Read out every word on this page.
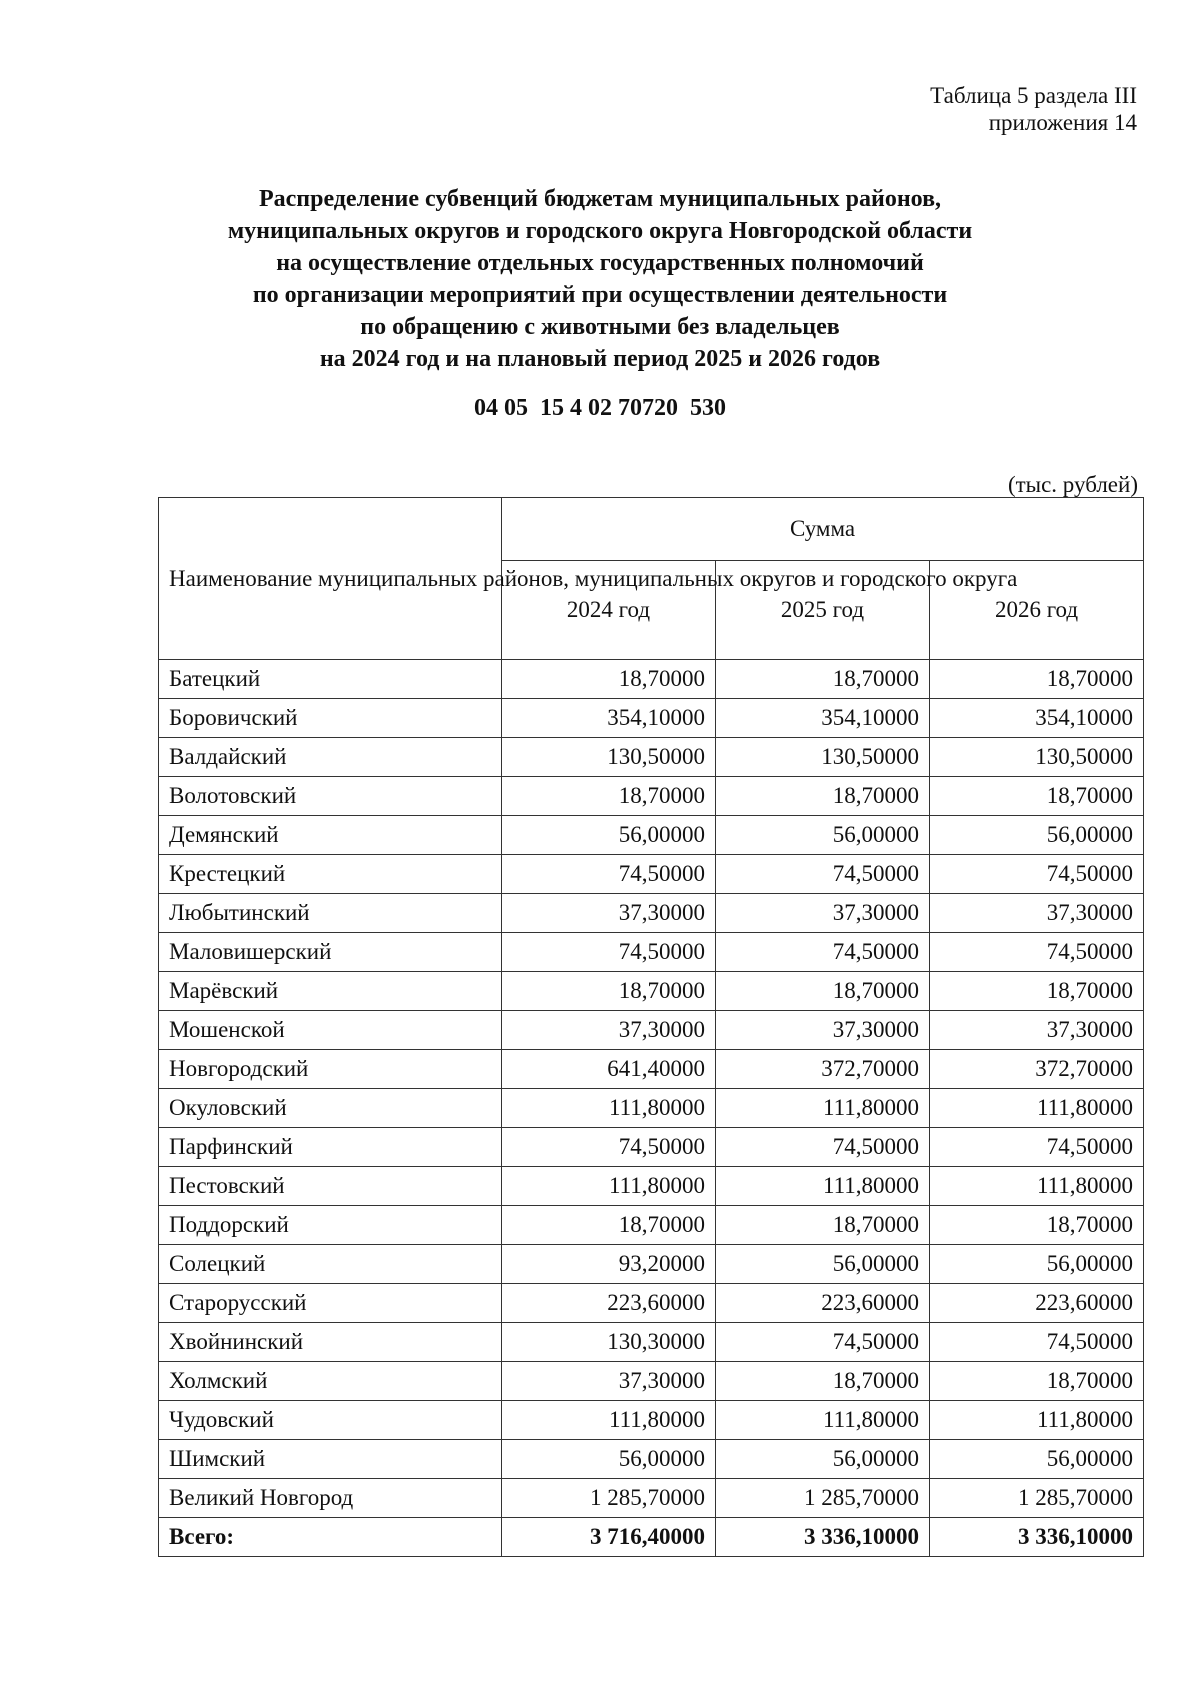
Таблица 5 раздела III
приложения 14
Распределение субвенций бюджетам муниципальных районов,
муниципальных округов и городского округа Новгородской области
на осуществление отдельных государственных полномочий
по организации мероприятий при осуществлении деятельности
по обращению с животными без владельцев
на 2024 год и на плановый период 2025 и 2026 годов
04 05  15 4 02 70720  530
(тыс. рублей)
Наименование муниципальных районов, муниципальных округов и городского округа	Сумма		
	2024 год	2025 год	2026 год
Батецкий	18,70000	18,70000	18,70000
Боровичский	354,10000	354,10000	354,10000
Валдайский	130,50000	130,50000	130,50000
Волотовский	18,70000	18,70000	18,70000
Демянский	56,00000	56,00000	56,00000
Крестецкий	74,50000	74,50000	74,50000
Любытинский	37,30000	37,30000	37,30000
Маловишерский	74,50000	74,50000	74,50000
Марёвский	18,70000	18,70000	18,70000
Мошенской	37,30000	37,30000	37,30000
Новгородский	641,40000	372,70000	372,70000
Окуловский	111,80000	111,80000	111,80000
Парфинский	74,50000	74,50000	74,50000
Пестовский	111,80000	111,80000	111,80000
Поддорский	18,70000	18,70000	18,70000
Солецкий	93,20000	56,00000	56,00000
Старорусский	223,60000	223,60000	223,60000
Хвойнинский	130,30000	74,50000	74,50000
Холмский	37,30000	18,70000	18,70000
Чудовский	111,80000	111,80000	111,80000
Шимский	56,00000	56,00000	56,00000
Великий Новгород	1 285,70000	1 285,70000	1 285,70000
Всего:	3 716,40000	3 336,10000	3 336,10000
